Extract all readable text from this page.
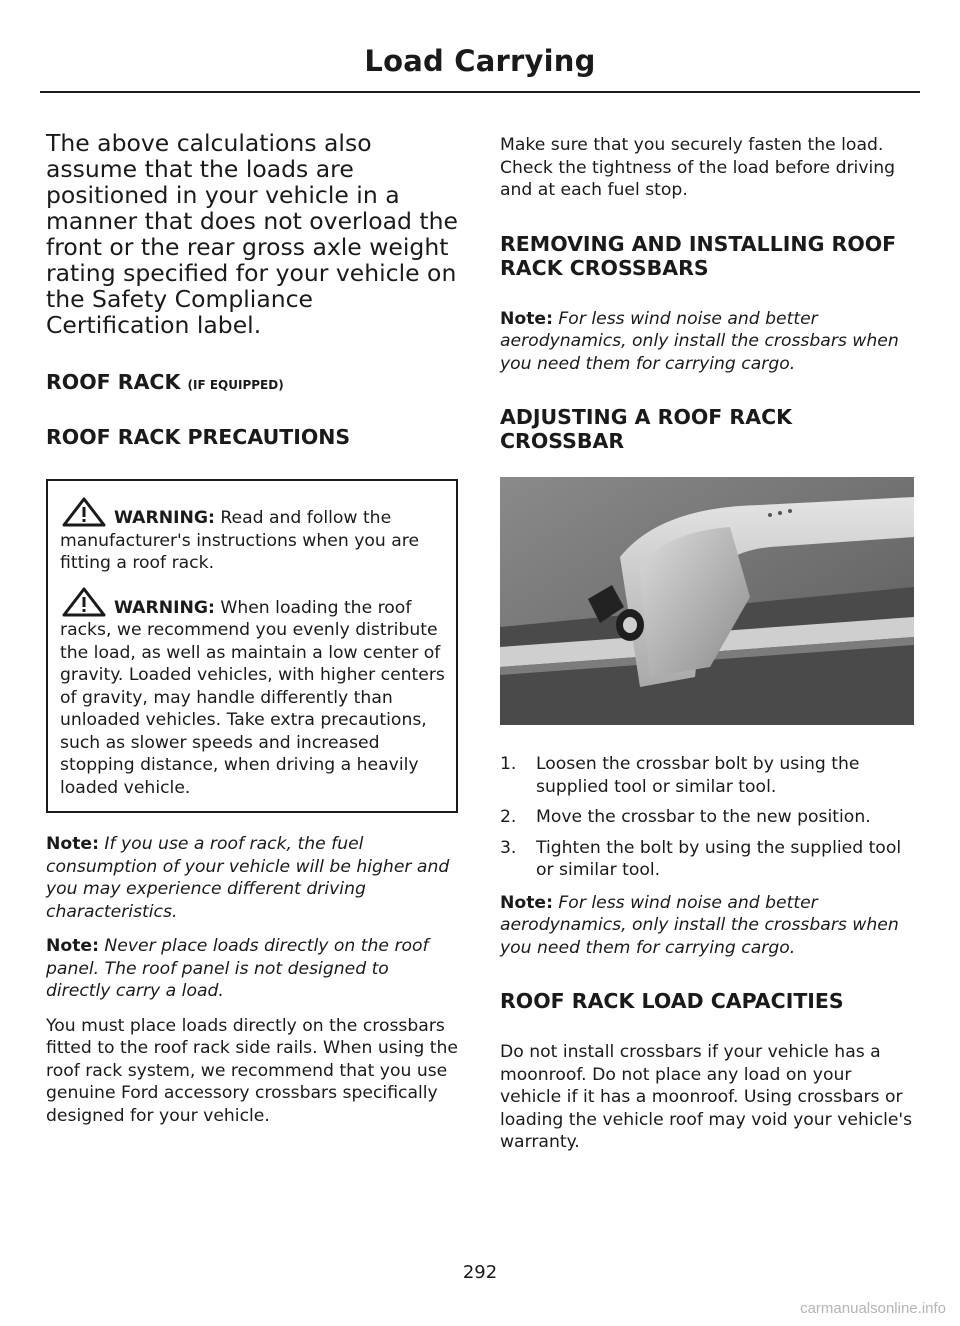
Load Carrying

The above calculations also assume that the loads are positioned in your vehicle in a manner that does not overload the front or the rear gross axle weight rating specified for your vehicle on the Safety Compliance Certification label.

ROOF RACK (IF EQUIPPED)
ROOF RACK PRECAUTIONS
WARNING: Read and follow the manufacturer's instructions when you are fitting a roof rack.
WARNING: When loading the roof racks, we recommend you evenly distribute the load, as well as maintain a low center of gravity. Loaded vehicles, with higher centers of gravity, may handle differently than unloaded vehicles. Take extra precautions, such as slower speeds and increased stopping distance, when driving a heavily loaded vehicle.

Note: If you use a roof rack, the fuel consumption of your vehicle will be higher and you may experience different driving characteristics.

Note: Never place loads directly on the roof panel. The roof panel is not designed to directly carry a load.

You must place loads directly on the crossbars fitted to the roof rack side rails. When using the roof rack system, we recommend that you use genuine Ford accessory crossbars specifically designed for your vehicle.

Make sure that you securely fasten the load. Check the tightness of the load before driving and at each fuel stop.

REMOVING AND INSTALLING ROOF RACK CROSSBARS

Note: For less wind noise and better aerodynamics, only install the crossbars when you need them for carrying cargo.

ADJUSTING A ROOF RACK CROSSBAR
1. Loosen the crossbar bolt by using the supplied tool or similar tool.
2. Move the crossbar to the new position.
3. Tighten the bolt by using the supplied tool or similar tool.

Note: For less wind noise and better aerodynamics, only install the crossbars when you need them for carrying cargo.

ROOF RACK LOAD CAPACITIES

Do not install crossbars if your vehicle has a moonroof. Do not place any load on your vehicle if it has a moonroof. Using crossbars or loading the vehicle roof may void your vehicle's warranty.

292
carmanualsonline.info
